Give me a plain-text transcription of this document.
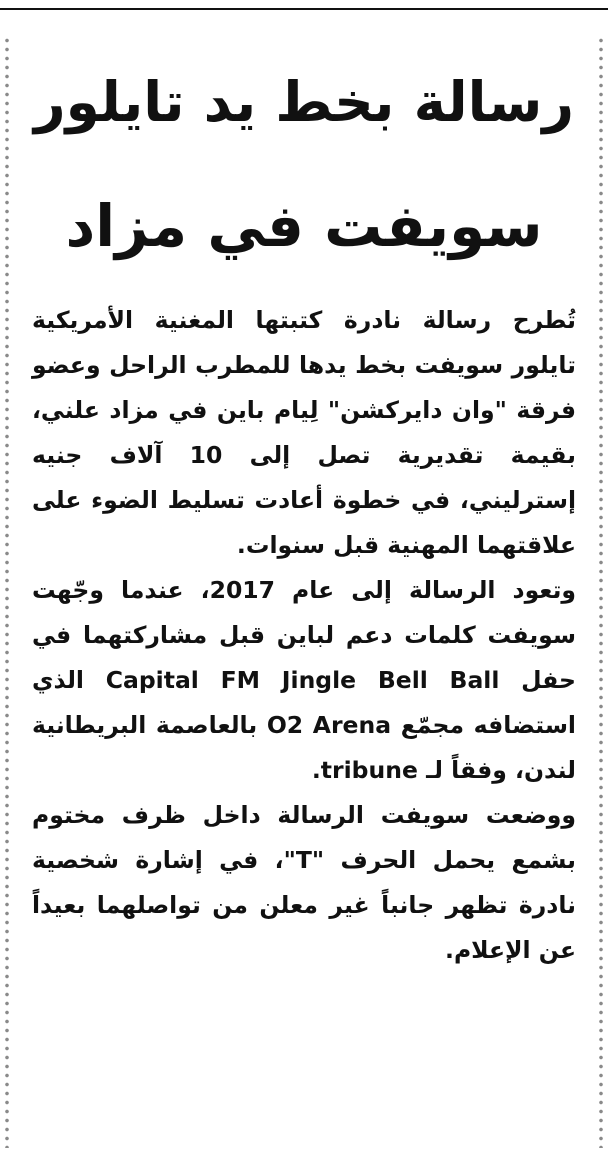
رسالة بخط يد تايلور
سويفت في مزاد

تُطرح رسالة نادرة كتبتها المغنية الأمريكية تايلور سويفت بخط يدها للمطرب الراحل وعضو فرقة "وان دايركشن" لِيام باين في مزاد علني، بقيمة تقديرية تصل إلى 10 آلاف جنيه إسترليني، في خطوة أعادت تسليط الضوء على علاقتهما المهنية قبل سنوات.

وتعود الرسالة إلى عام 2017، عندما وجّهت سويفت كلمات دعم لباين قبل مشاركتهما في حفل Capital FM Jingle Bell Ball الذي استضافه مجمّع O2 Arena بالعاصمة البريطانية لندن، وفقاً لـ tribune.

ووضعت سويفت الرسالة داخل ظرف مختوم بشمع يحمل الحرف "T"، في إشارة شخصية نادرة تظهر جانباً غير معلن من تواصلهما بعيداً عن الإعلام.
